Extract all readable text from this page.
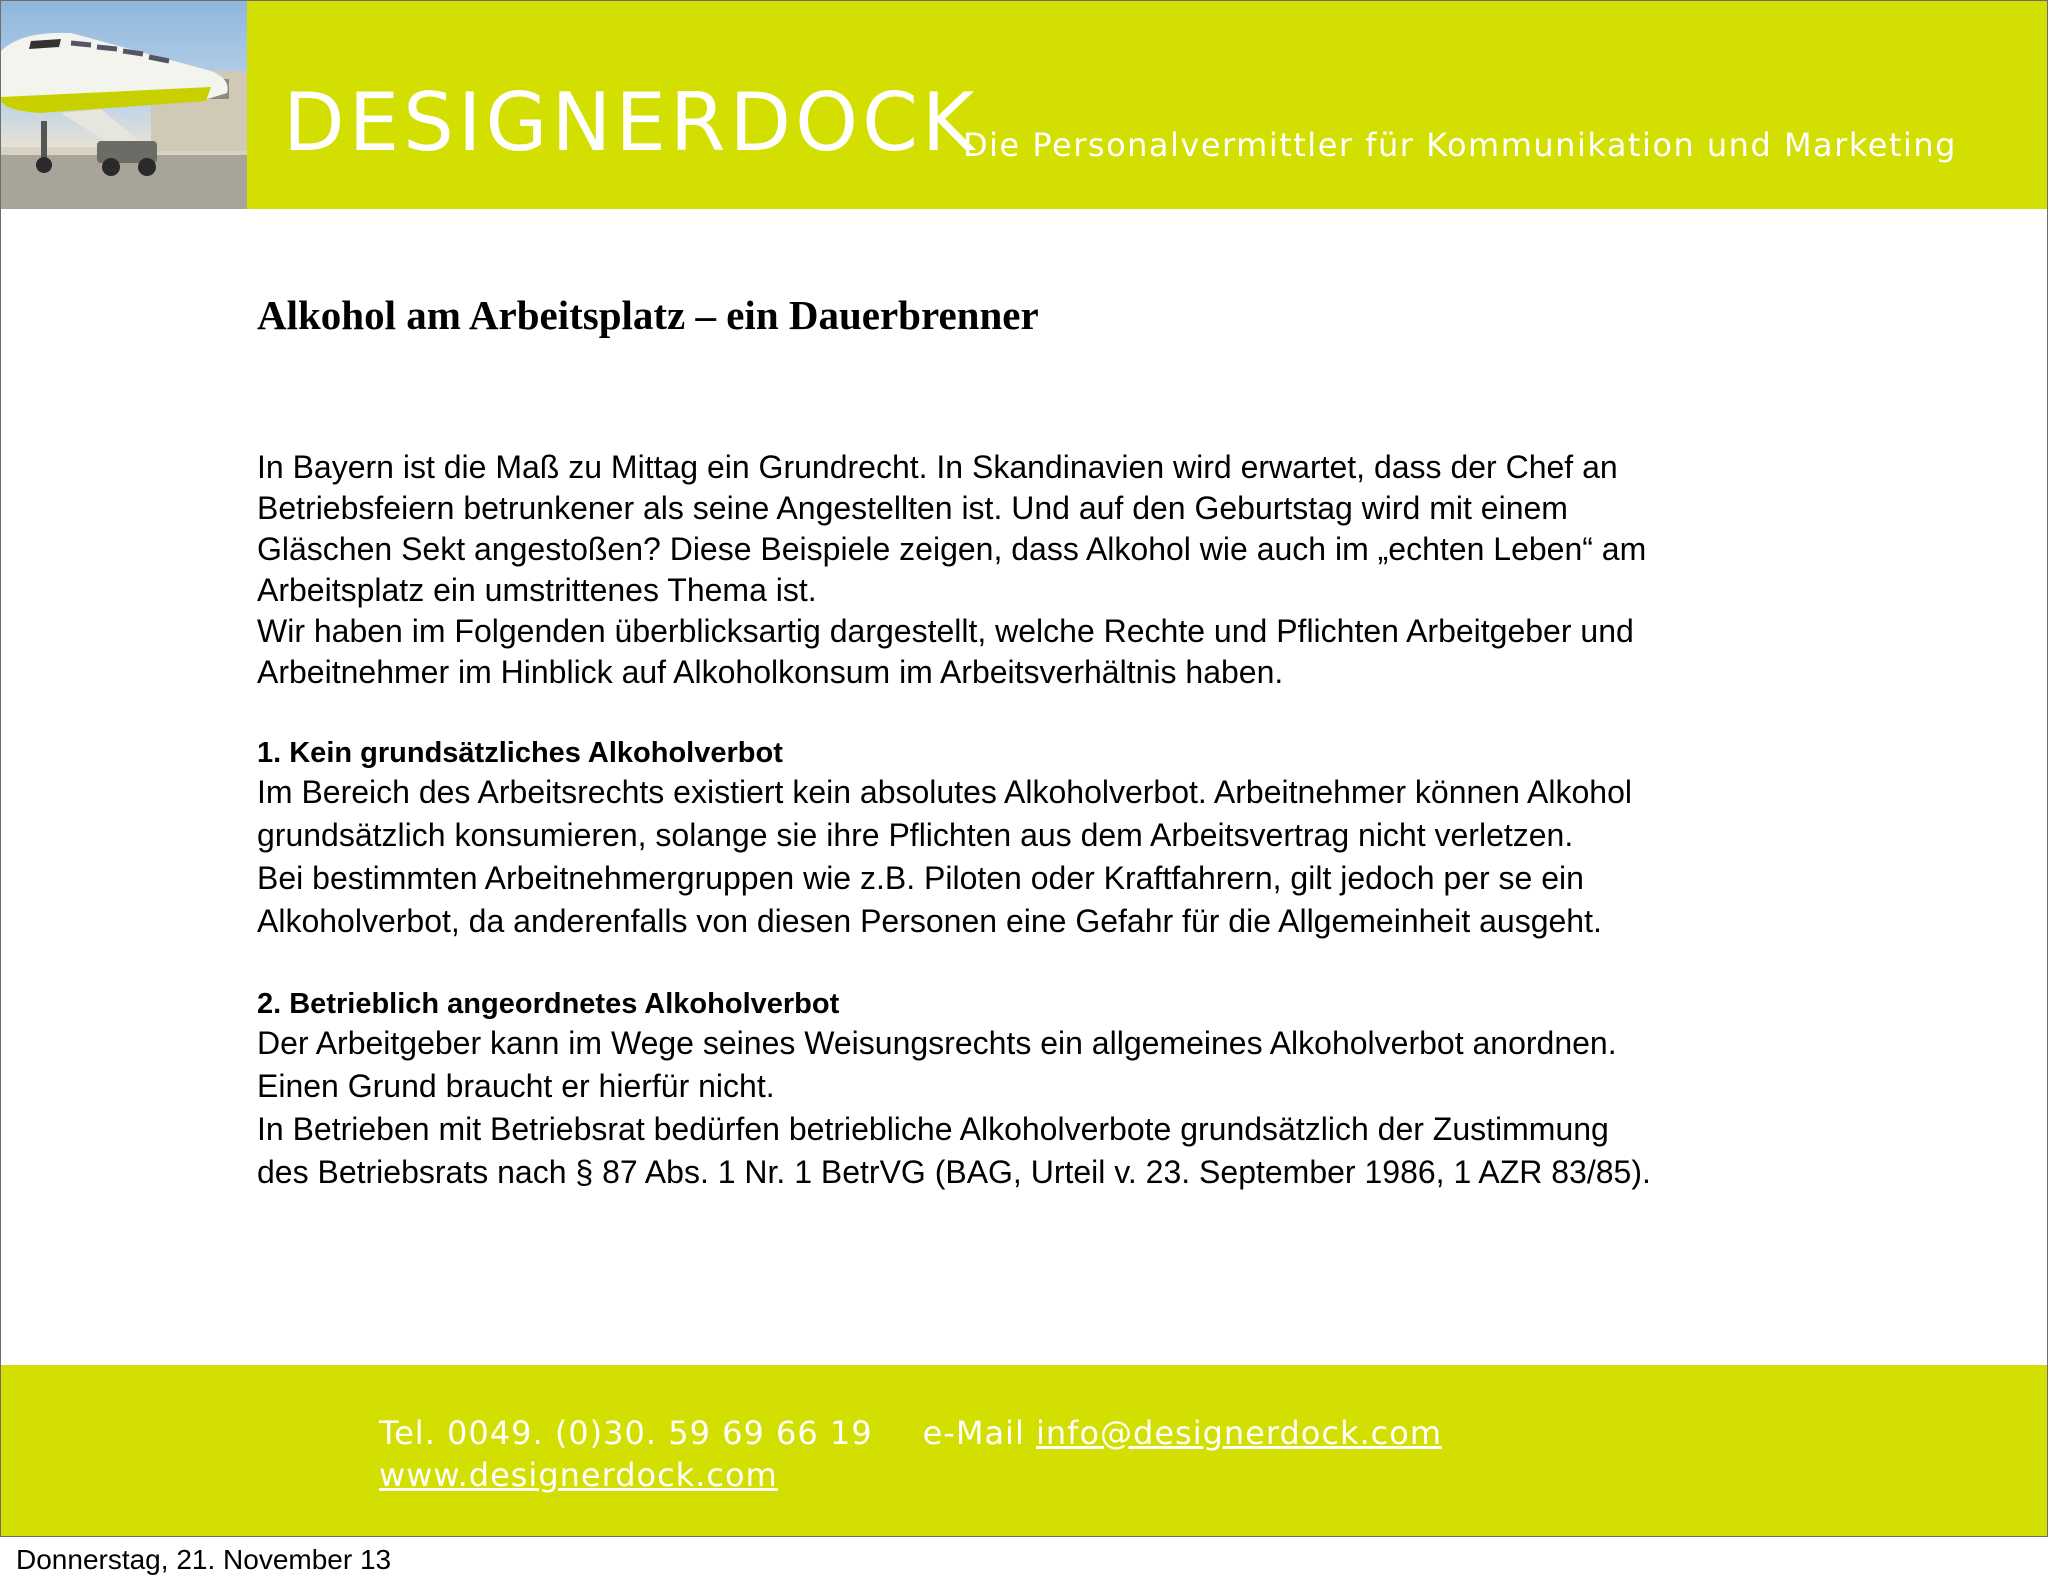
DESIGNERDOCK
Die Personalvermittler für Kommunikation und Marketing
Alkohol am Arbeitsplatz – ein Dauerbrenner

In Bayern ist die Maß zu Mittag ein Grundrecht. In Skandinavien wird erwartet, dass der Chef an

Betriebsfeiern betrunkener als seine Angestellten ist. Und auf den Geburtstag wird mit einem

Gläschen Sekt angestoßen? Diese Beispiele zeigen, dass Alkohol wie auch im „echten Leben“ am

Arbeitsplatz ein umstrittenes Thema ist.

Wir haben im Folgenden überblicksartig dargestellt, welche Rechte und Pflichten Arbeitgeber und

Arbeitnehmer im Hinblick auf Alkoholkonsum im Arbeitsverhältnis haben.

1. Kein grundsätzliches Alkoholverbot

Im Bereich des Arbeitsrechts existiert kein absolutes Alkoholverbot. Arbeitnehmer können Alkohol

grundsätzlich konsumieren, solange sie ihre Pflichten aus dem Arbeitsvertrag nicht verletzen.

Bei bestimmten Arbeitnehmergruppen wie z.B. Piloten oder Kraftfahrern, gilt jedoch per se ein

Alkoholverbot, da anderenfalls von diesen Personen eine Gefahr für die Allgemeinheit ausgeht.

2. Betrieblich angeordnetes Alkoholverbot

Der Arbeitgeber kann im Wege seines Weisungsrechts ein allgemeines Alkoholverbot anordnen.

Einen Grund braucht er hierfür nicht.

In Betrieben mit Betriebsrat bedürfen betriebliche Alkoholverbote grundsätzlich der Zustimmung

des Betriebsrats nach § 87 Abs. 1 Nr. 1 BetrVG (BAG, Urteil v. 23. September 1986, 1 AZR 83/85).

Tel. 0049. (0)30. 59 69 66 19 e-Mail info@designerdock.com
www.designerdock.com
Donnerstag, 21. November 13
